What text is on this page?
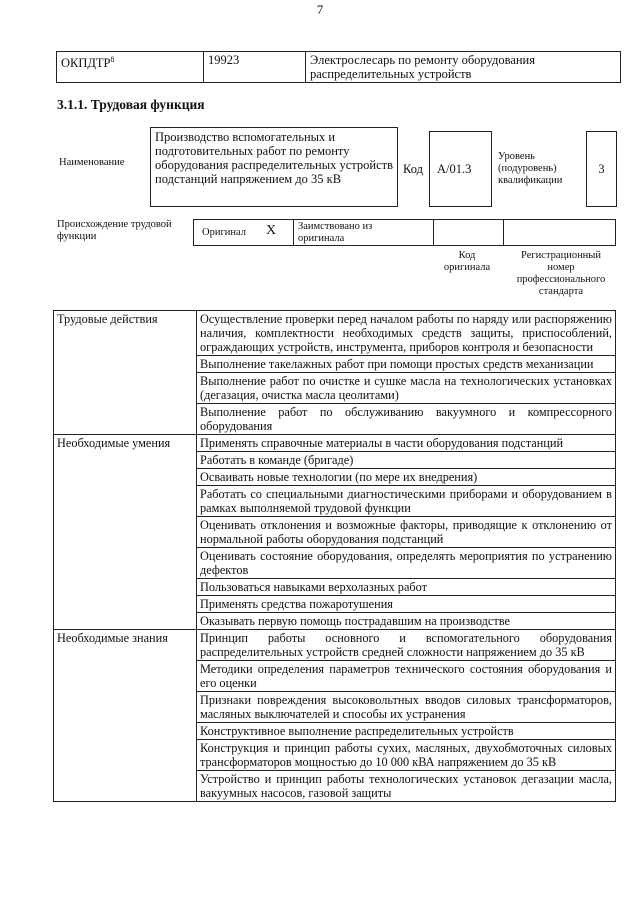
7
ОКПДТР$^8$	19923	Электрослесарь по ремонту оборудования распределительных устройств
3.1.1. Трудовая функция
Наименование
Производство вспомогательных и подготовительных работ по ремонту оборудования распределительных устройств подстанций напряжением до 35 кВ
Код	A/01.3
Уровень (подуровень) квалификации
3
Происхождение трудовой функции	Оригинал X Заимствовано из оригинала
Код оригинала
Регистрационный номер профессионального стандарта
Трудовые действия	Осуществление проверки перед началом работы по наряду или распоряжению наличия, комплектности необходимых средств защиты, приспособлений, ограждающих устройств, инструмента, приборов контроля и безопасности
	Выполнение такелажных работ при помощи простых средств механизации
	Выполнение работ по очистке и сушке масла на технологических установках (дегазация, очистка масла цеолитами)
	Выполнение работ по обслуживанию вакуумного и компрессорного оборудования
Необходимые умения	Применять справочные материалы в части оборудования подстанций
	Работать в команде (бригаде)
	Осваивать новые технологии (по мере их внедрения)
	Работать со специальными диагностическими приборами и оборудованием в рамках выполняемой трудовой функции
	Оценивать отклонения и возможные факторы, приводящие к отклонению от нормальной работы оборудования подстанций
	Оценивать состояние оборудования, определять мероприятия по устранению дефектов
	Пользоваться навыками верхолазных работ
	Применять средства пожаротушения
	Оказывать первую помощь пострадавшим на производстве
Необходимые знания	Принцип работы основного и вспомогательного оборудования распределительных устройств средней сложности напряжением до 35 кВ
	Методики определения параметров технического состояния оборудования и его оценки
	Признаки повреждения высоковольтных вводов силовых трансформаторов, масляных выключателей и способы их устранения
	Конструктивное выполнение распределительных устройств
	Конструкция и принцип работы сухих, масляных, двухобмоточных силовых трансформаторов мощностью до 10 000 кВА напряжением до 35 кВ
	Устройство и принцип работы технологических установок дегазации масла, вакуумных насосов, газовой защиты
